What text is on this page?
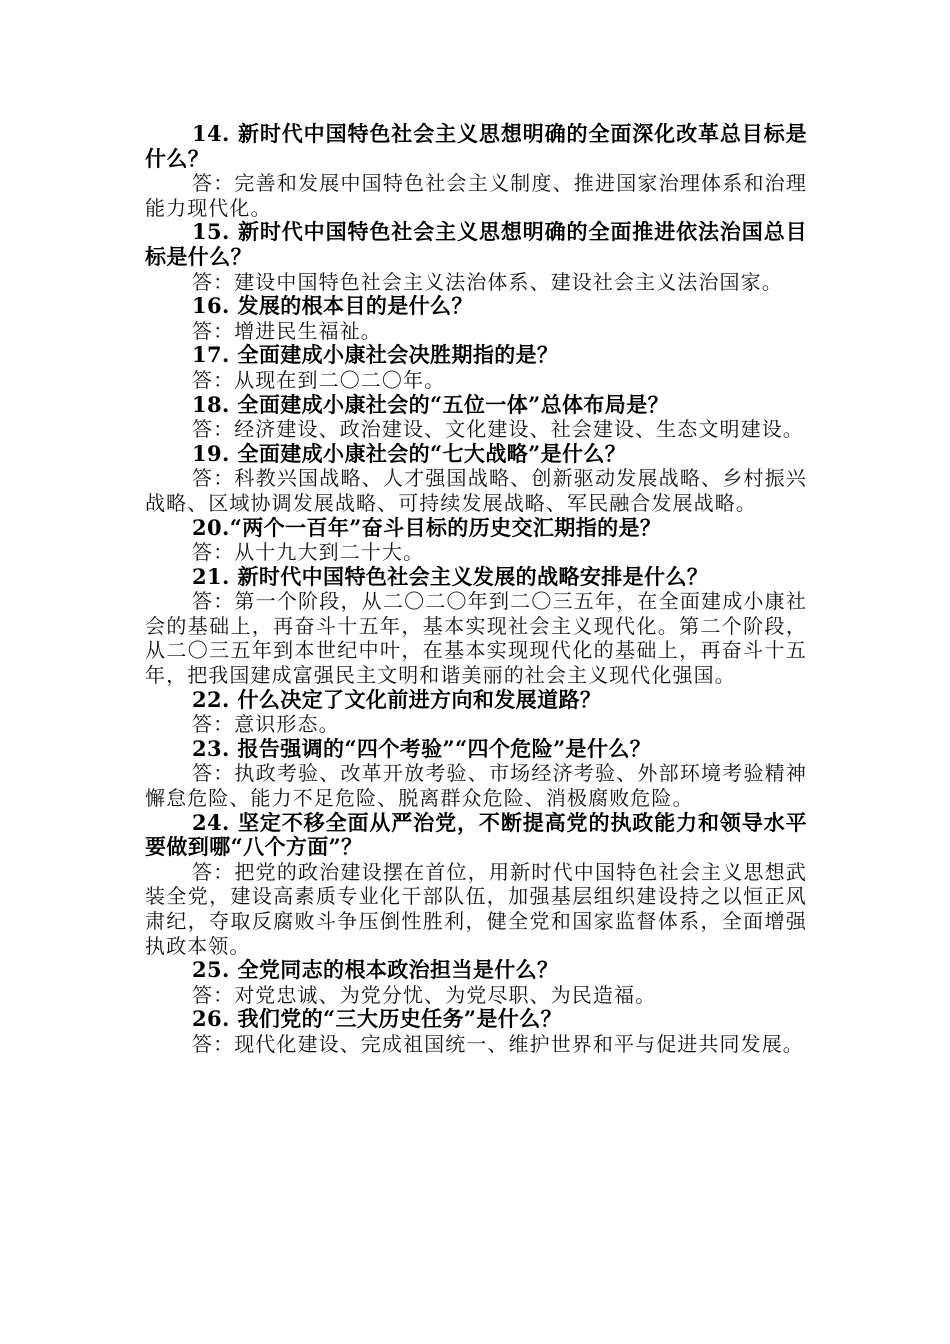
14. 新时代中国特色社会主义思想明确的全面深化改革总目标是什么？

答：完善和发展中国特色社会主义制度、推进国家治理体系和治理能力现代化。

15. 新时代中国特色社会主义思想明确的全面推进依法治国总目标是什么？

答：建设中国特色社会主义法治体系、建设社会主义法治国家。

16. 发展的根本目的是什么？

答：增进民生福祉。

17. 全面建成小康社会决胜期指的是？

答：从现在到二〇二〇年。

18. 全面建成小康社会的“五位一体”总体布局是？

答：经济建设、政治建设、文化建设、社会建设、生态文明建设。

19. 全面建成小康社会的“七大战略”是什么？

答：科教兴国战略、人才强国战略、创新驱动发展战略、乡村振兴战略、区域协调发展战略、可持续发展战略、军民融合发展战略。

20.“两个一百年”奋斗目标的历史交汇期指的是？

答：从十九大到二十大。

21. 新时代中国特色社会主义发展的战略安排是什么？

答：第一个阶段，从二〇二〇年到二〇三五年，在全面建成小康社会的基础上，再奋斗十五年，基本实现社会主义现代化。第二个阶段，从二〇三五年到本世纪中叶，在基本实现现代化的基础上，再奋斗十五年，把我国建成富强民主文明和谐美丽的社会主义现代化强国。

22. 什么决定了文化前进方向和发展道路？

答：意识形态。

23. 报告强调的“四个考验”“四个危险”是什么？

答：执政考验、改革开放考验、市场经济考验、外部环境考验精神懈怠危险、能力不足危险、脱离群众危险、消极腐败危险。

24. 坚定不移全面从严治党，不断提高党的执政能力和领导水平要做到哪“八个方面”？

答：把党的政治建设摆在首位，用新时代中国特色社会主义思想武装全党，建设高素质专业化干部队伍，加强基层组织建设持之以恒正风肃纪，夺取反腐败斗争压倒性胜利，健全党和国家监督体系，全面增强执政本领。

25. 全党同志的根本政治担当是什么？

答：对党忠诚、为党分忧、为党尽职、为民造福。

26. 我们党的“三大历史任务”是什么？

答：现代化建设、完成祖国统一、维护世界和平与促进共同发展。
